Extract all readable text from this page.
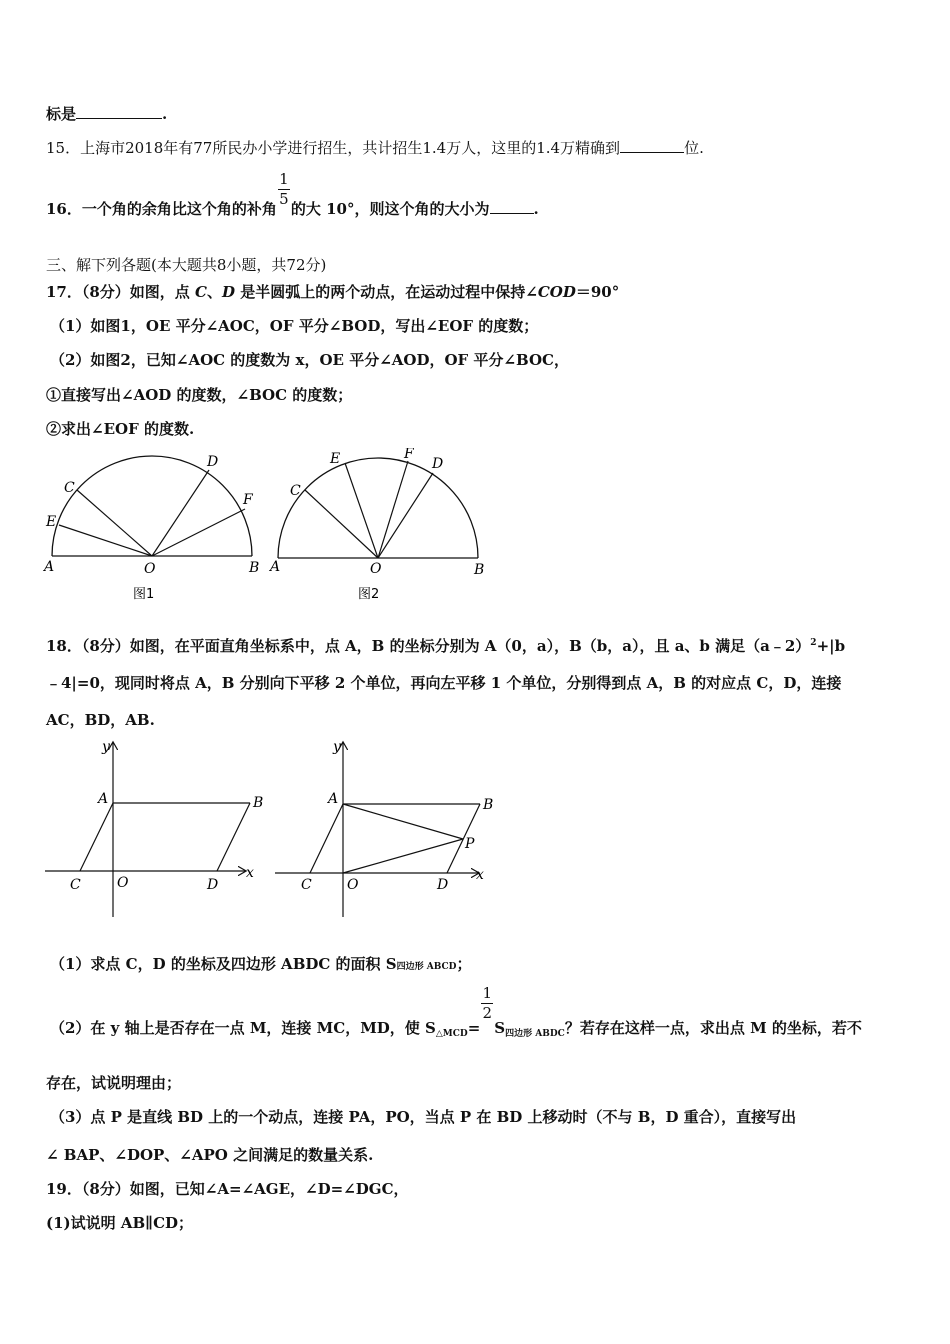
标是	.
15．上海市2018年有77所民办小学进行招生，共计招生1.4万人，这里的1.4万精确到	位.
16．一个角的余角比这个角的补角
$\frac{1}{5}$
的大 10°，则这个角的大小为	.
三、解下列各题(本大题共8小题，共72分)
17．（8分）如图，点 C、D 是半圆弧上的两个动点，在运动过程中保持∠COD＝90°
（1）如图1，OE 平分∠AOC，OF 平分∠BOD，写出∠EOF 的度数；
（2）如图2，已知∠AOC 的度数为 x，OE 平分∠AOD，OF 平分∠BOC，
①直接写出∠AOD 的度数，∠BOC 的度数；
②求出∠EOF 的度数.
A	B
O
C
E
D
F
图1
A	B
O
C
E	F
D
图2
18．（8分）如图，在平面直角坐标系中，点 A，B 的坐标分别为 A（0，a），B（b，a），且 a、b 满足（a﹣2）$^2$+|b
﹣4|=0，现同时将点 A，B 分别向下平移 2 个单位，再向左平移 1 个单位，分别得到点 A，B 的对应点 C，D，连接
AC，BD，AB.
y
x
A	B
C	O	D
y
x
A	B
P
C	O	D
（1）求点 C，D 的坐标及四边形 ABDC 的面积 S四边形 ABCD；
（2）在 y 轴上是否存在一点 M，连接 MC，MD，使 $S_{\triangle MCD}=$
$\frac{1}{2}$
$S_{四边形 ABDC}$？若存在这样一点，求出点 M 的坐标，若不
存在，试说明理由；
（3）点 P 是直线 BD 上的一个动点，连接 PA，PO，当点 P 在 BD 上移动时（不与 B，D 重合），直接写出
∠ BAP、∠DOP、∠APO 之间满足的数量关系.
19．（8分）如图，已知∠A=∠AGE，∠D=∠DGC，
(1)试说明 AB∥CD；
